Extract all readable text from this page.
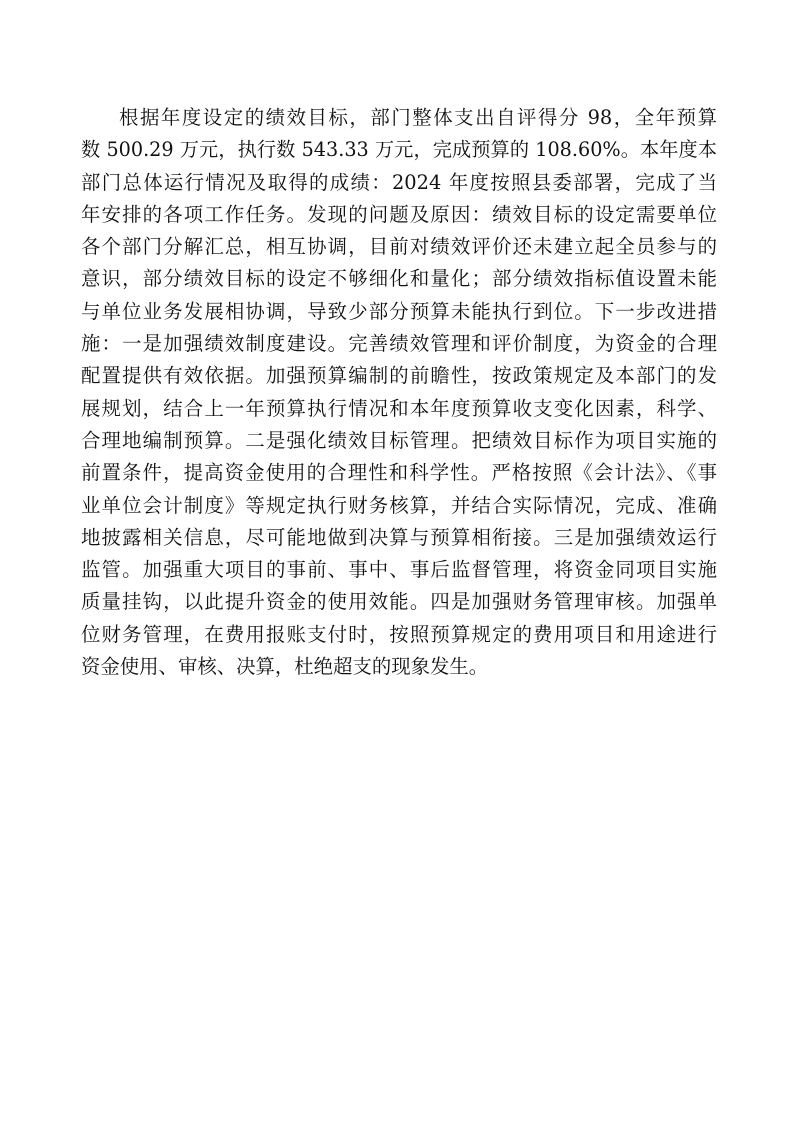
根据年度设定的绩效目标，部门整体支出自评得分 98，全年预算
数 500.29 万元，执行数 543.33 万元，完成预算的 108.60%。本年度本
部门总体运行情况及取得的成绩：2024 年度按照县委部署，完成了当
年安排的各项工作任务。发现的问题及原因：绩效目标的设定需要单位
各个部门分解汇总，相互协调，目前对绩效评价还未建立起全员参与的
意识，部分绩效目标的设定不够细化和量化；部分绩效指标值设置未能
与单位业务发展相协调，导致少部分预算未能执行到位。下一步改进措
施：一是加强绩效制度建设。完善绩效管理和评价制度，为资金的合理
配置提供有效依据。加强预算编制的前瞻性，按政策规定及本部门的发
展规划，结合上一年预算执行情况和本年度预算收支变化因素，科学、
合理地编制预算。二是强化绩效目标管理。把绩效目标作为项目实施的
前置条件，提高资金使用的合理性和科学性。严格按照《会计法》、《事
业单位会计制度》等规定执行财务核算，并结合实际情况，完成、准确
地披露相关信息，尽可能地做到决算与预算相衔接。三是加强绩效运行
监管。加强重大项目的事前、事中、事后监督管理，将资金同项目实施
质量挂钩，以此提升资金的使用效能。四是加强财务管理审核。加强单
位财务管理，在费用报账支付时，按照预算规定的费用项目和用途进行
资金使用、审核、决算，杜绝超支的现象发生。
